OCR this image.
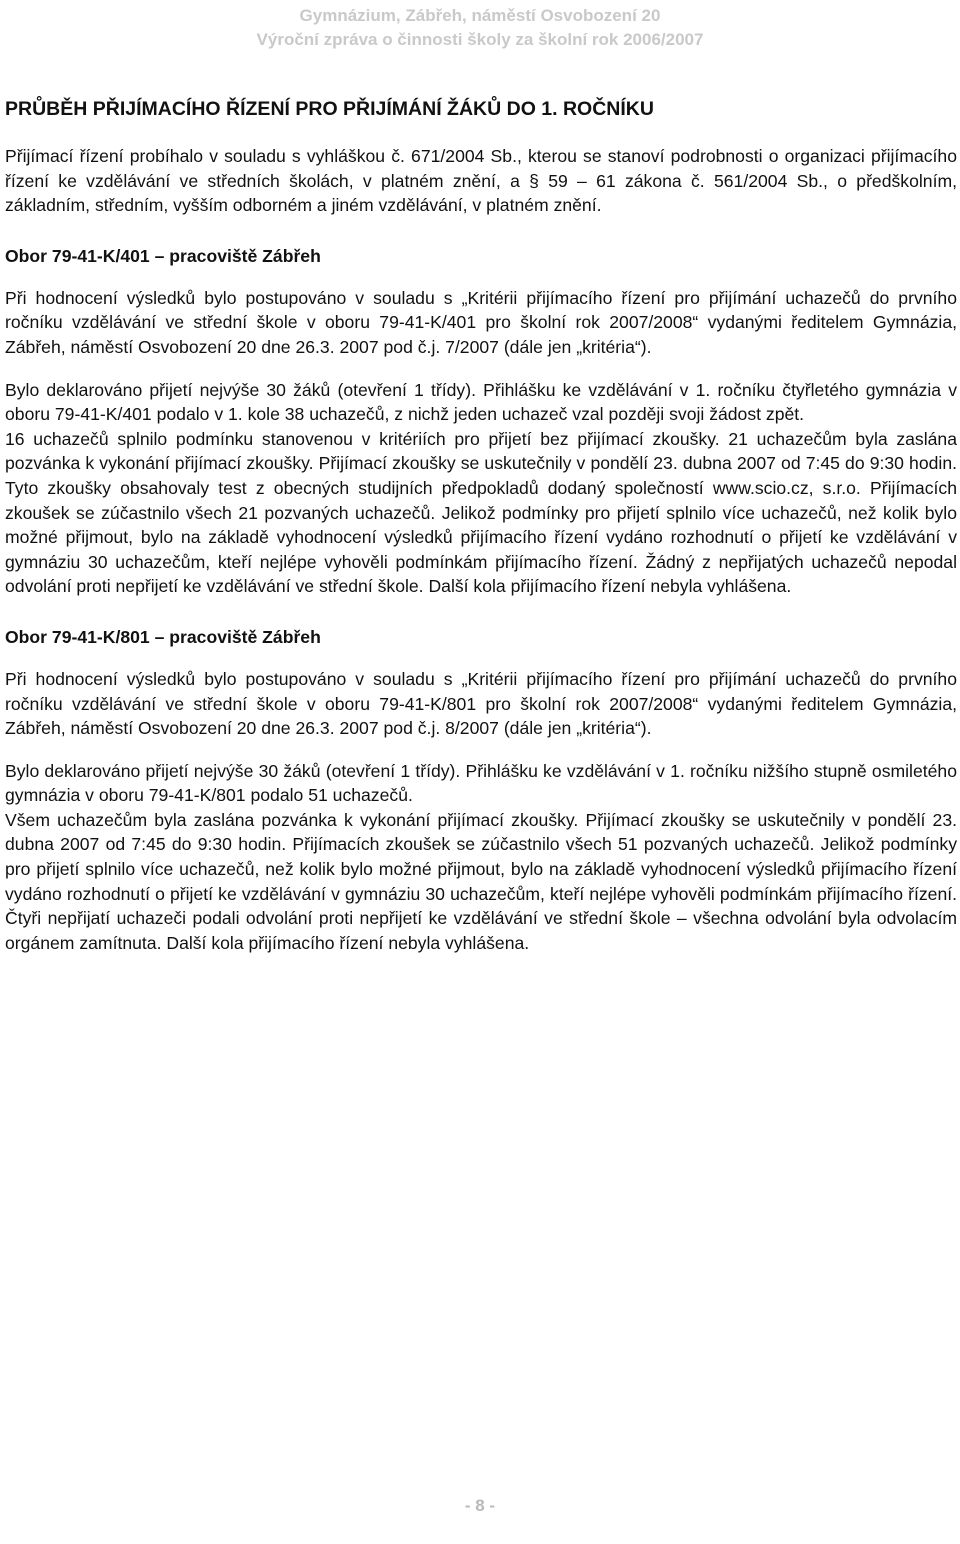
Gymnázium, Zábřeh, náměstí Osvobození 20
Výroční zpráva o činnosti školy za školní rok 2006/2007
PRŮBĚH PŘIJÍMACÍHO ŘÍZENÍ PRO PŘIJÍMÁNÍ ŽÁKŮ DO 1. ROČNÍKU

Přijímací řízení probíhalo v souladu s vyhláškou č. 671/2004 Sb., kterou se stanoví podrobnosti o organizaci přijímacího řízení ke vzdělávání ve středních školách, v platném znění, a § 59 – 61 zákona č. 561/2004 Sb., o předškolním, základním, středním, vyšším odborném a jiném vzdělávání, v platném znění.

Obor 79-41-K/401 – pracoviště Zábřeh

Při hodnocení výsledků bylo postupováno v souladu s „Kritérii přijímacího řízení pro přijímání uchazečů do prvního ročníku vzdělávání ve střední škole v oboru 79-41-K/401 pro školní rok 2007/2008“ vydanými ředitelem Gymnázia, Zábřeh, náměstí Osvobození 20 dne 26.3. 2007 pod č.j. 7/2007 (dále jen „kritéria“).

Bylo deklarováno přijetí nejvýše 30 žáků (otevření 1 třídy). Přihlášku ke vzdělávání v 1. ročníku čtyřletého gymnázia v oboru 79-41-K/401 podalo v 1. kole 38 uchazečů, z nichž jeden uchazeč vzal později svoji žádost zpět.

16 uchazečů splnilo podmínku stanovenou v kritériích pro přijetí bez přijímací zkoušky. 21 uchazečům byla zaslána pozvánka k vykonání přijímací zkoušky. Přijímací zkoušky se uskutečnily v pondělí 23. dubna 2007 od 7:45 do 9:30 hodin. Tyto zkoušky obsahovaly test z obecných studijních předpokladů dodaný společností www.scio.cz, s.r.o. Přijímacích zkoušek se zúčastnilo všech 21 pozvaných uchazečů. Jelikož podmínky pro přijetí splnilo více uchazečů, než kolik bylo možné přijmout, bylo na základě vyhodnocení výsledků přijímacího řízení vydáno rozhodnutí o přijetí ke vzdělávání v gymnáziu 30 uchazečům, kteří nejlépe vyhověli podmínkám přijímacího řízení. Žádný z nepřijatých uchazečů nepodal odvolání proti nepřijetí ke vzdělávání ve střední škole. Další kola přijímacího řízení nebyla vyhlášena.

Obor 79-41-K/801 – pracoviště Zábřeh

Při hodnocení výsledků bylo postupováno v souladu s „Kritérii přijímacího řízení pro přijímání uchazečů do prvního ročníku vzdělávání ve střední škole v oboru 79-41-K/801 pro školní rok 2007/2008“ vydanými ředitelem Gymnázia, Zábřeh, náměstí Osvobození 20 dne 26.3. 2007 pod č.j. 8/2007 (dále jen „kritéria“).

Bylo deklarováno přijetí nejvýše 30 žáků (otevření 1 třídy). Přihlášku ke vzdělávání v 1. ročníku nižšího stupně osmiletého gymnázia v oboru 79-41-K/801 podalo 51 uchazečů.

Všem uchazečům byla zaslána pozvánka k vykonání přijímací zkoušky. Přijímací zkoušky se uskutečnily v pondělí 23. dubna 2007 od 7:45 do 9:30 hodin. Přijímacích zkoušek se zúčastnilo všech 51 pozvaných uchazečů. Jelikož podmínky pro přijetí splnilo více uchazečů, než kolik bylo možné přijmout, bylo na základě vyhodnocení výsledků přijímacího řízení vydáno rozhodnutí o přijetí ke vzdělávání v gymnáziu 30 uchazečům, kteří nejlépe vyhověli podmínkám přijímacího řízení. Čtyři nepřijatí uchazeči podali odvolání proti nepřijetí ke vzdělávání ve střední škole – všechna odvolání byla odvolacím orgánem zamítnuta. Další kola přijímacího řízení nebyla vyhlášena.

- 8 -
